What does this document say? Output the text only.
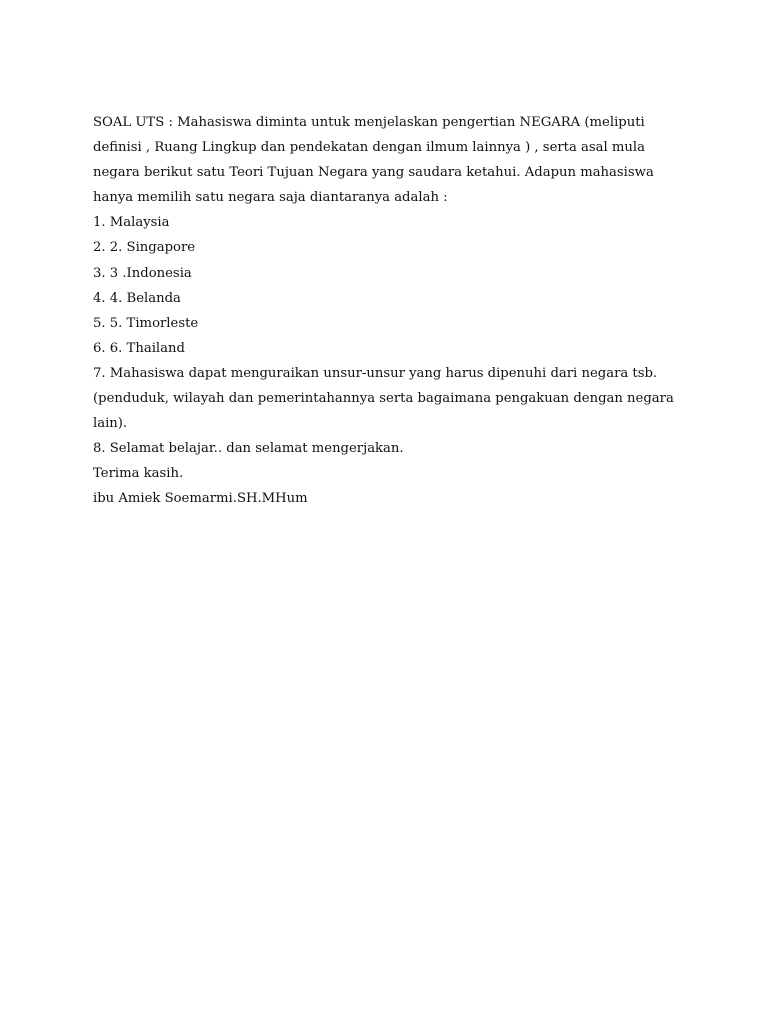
SOAL UTS : Mahasiswa diminta untuk menjelaskan pengertian NEGARA (meliputi
definisi , Ruang Lingkup dan pendekatan dengan ilmum lainnya ) , serta asal mula
negara berikut satu Teori Tujuan Negara yang saudara ketahui. Adapun mahasiswa
hanya memilih satu negara saja diantaranya adalah :
1. Malaysia
2. 2. Singapore
3. 3 .Indonesia
4. 4. Belanda
5. 5. Timorleste
6. 6. Thailand
7. Mahasiswa dapat menguraikan unsur-unsur yang harus dipenuhi dari negara tsb.
(penduduk, wilayah dan pemerintahannya serta bagaimana pengakuan dengan negara
lain).
8. Selamat belajar.. dan selamat mengerjakan.
Terima kasih.
ibu Amiek Soemarmi.SH.MHum
